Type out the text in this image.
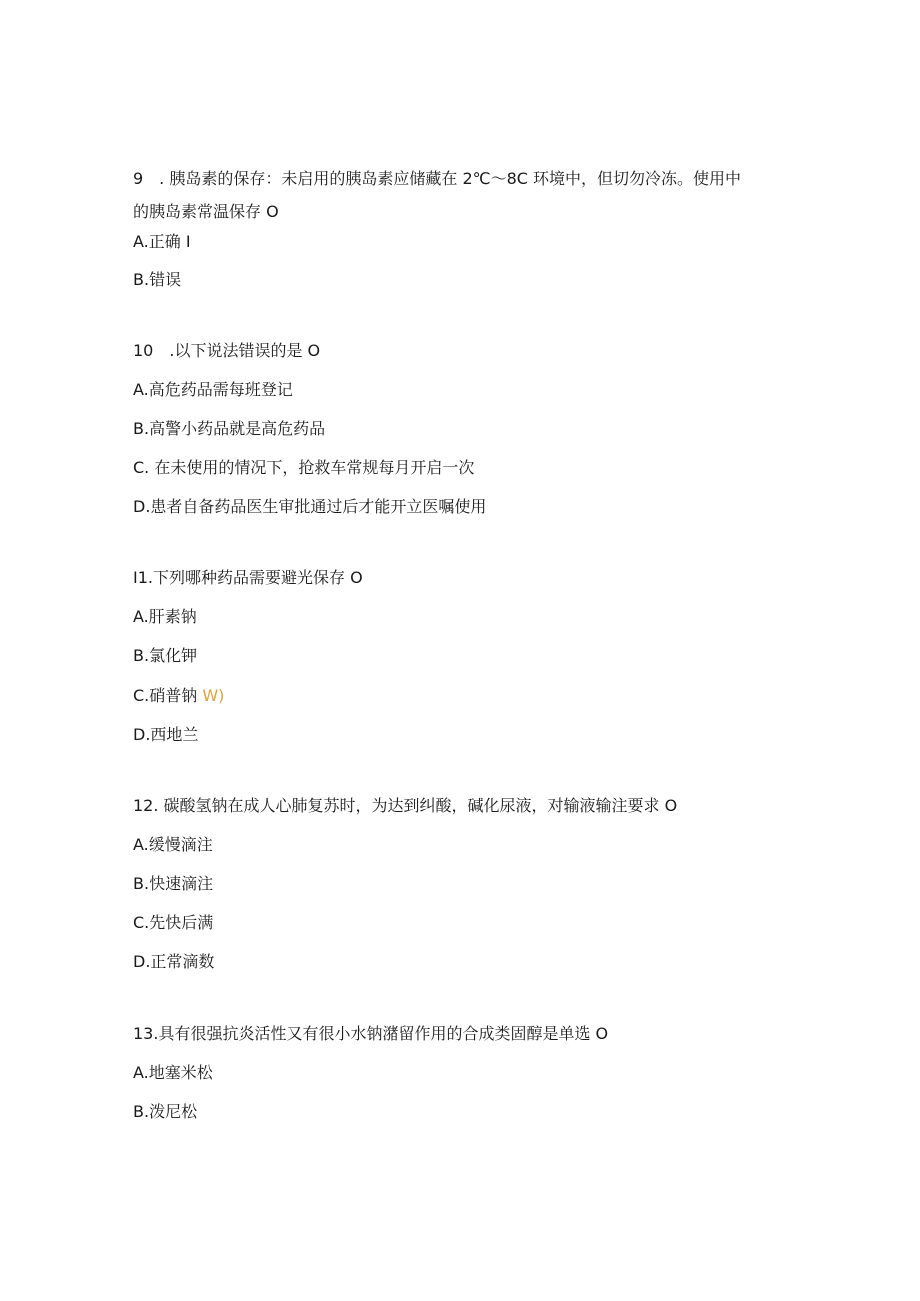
9　. 胰岛素的保存：未启用的胰岛素应储藏在 2℃～8C 环境中，但切勿冷冻。使用中
的胰岛素常温保存 O
A.正确 I
B.错误
10　.以下说法错误的是 O
A.高危药品需每班登记
B.高警小药品就是高危药品
C. 在未使用的情况下，抢救车常规每月开启一次
D.患者自备药品医生审批通过后才能开立医嘱使用
I1.下列哪种药品需要避光保存 O
A.肝素钠
B.氯化钾
C.硝普钠 W)
D.西地兰
12. 碳酸氢钠在成人心肺复苏时，为达到纠酸，碱化尿液，对输液输注要求 O
A.缓慢滴注
B.快速滴注
C.先快后满
D.正常滴数
13.具有很强抗炎活性又有很小水钠潴留作用的合成类固醇是单选 O
A.地塞米松
B.泼尼松
